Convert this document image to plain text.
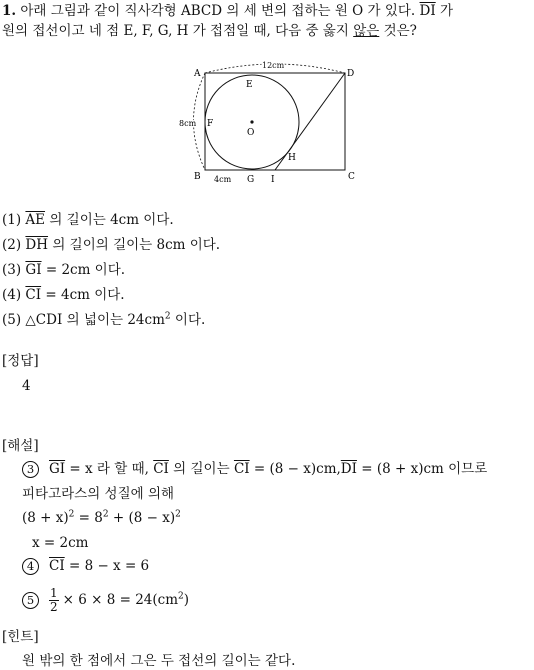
1. 아래 그림과 같이 직사각형 ABCD 의 세 변의 접하는 원 O 가 있다. $\overline{DI}$ 가
원의 접선이고 네 점 E, F, G, H 가 접점일 때, 다음 중 옳지 않은 것은?
A	D
B	C
E
F
G
H
I
O
12cm
8cm
4cm
(1) $\overline{AE}$ 의 길이는 4cm 이다.
(2) $\overline{DH}$ 의 길이의 길이는 8cm 이다.
(3) $\overline{GI} = 2cm$ 이다.
(4) $\overline{CI} = 4cm$ 이다.
(5) △CDI 의 넓이는 $24cm^2$ 이다.
[정답]
4
[해설]
3 $\overline{GI} = x$ 라 할 때, $\overline{CI}$ 의 길이는 $\overline{CI} = (8 - x)cm,\overline{DI} = (8 + x)cm$ 이므로
피타고라스의 성질에 의해
$(8 + x)^2 = 8^2 + (8 - x)^2$
x = 2cm
4 $\overline{CI} = 8 - x = 6$
$5 \frac{1}{2} \times 6 \times 8 = 24(cm^2)$
[힌트]
원 밖의 한 점에서 그은 두 접선의 길이는 같다.
